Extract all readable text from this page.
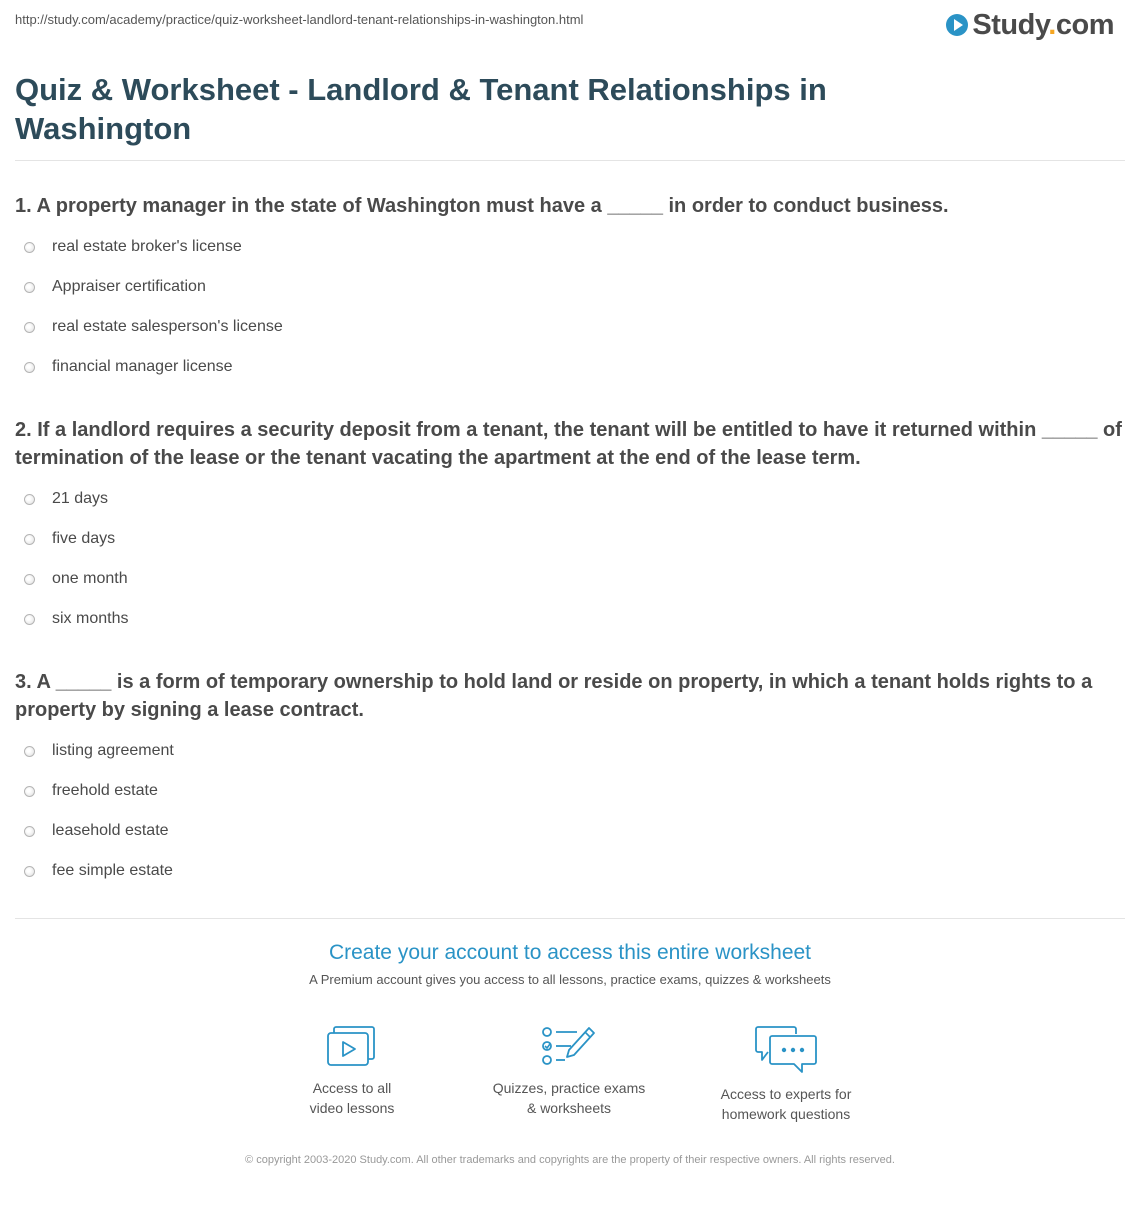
http://study.com/academy/practice/quiz-worksheet-landlord-tenant-relationships-in-washington.html	Study.com
Quiz & Worksheet - Landlord & Tenant Relationships in Washington
1. A property manager in the state of Washington must have a _____ in order to conduct business.
real estate broker's license
Appraiser certification
real estate salesperson's license
financial manager license
2. If a landlord requires a security deposit from a tenant, the tenant will be entitled to have it returned within _____ of termination of the lease or the tenant vacating the apartment at the end of the lease term.
21 days
five days
one month
six months
3. A _____ is a form of temporary ownership to hold land or reside on property, in which a tenant holds rights to a property by signing a lease contract.
listing agreement
freehold estate
leasehold estate
fee simple estate
Create your account to access this entire worksheet
A Premium account gives you access to all lessons, practice exams, quizzes & worksheets
Access to all
video lessons
Quizzes, practice exams
& worksheets
Access to experts for
homework questions
© copyright 2003-2020 Study.com. All other trademarks and copyrights are the property of their respective owners. All rights reserved.
